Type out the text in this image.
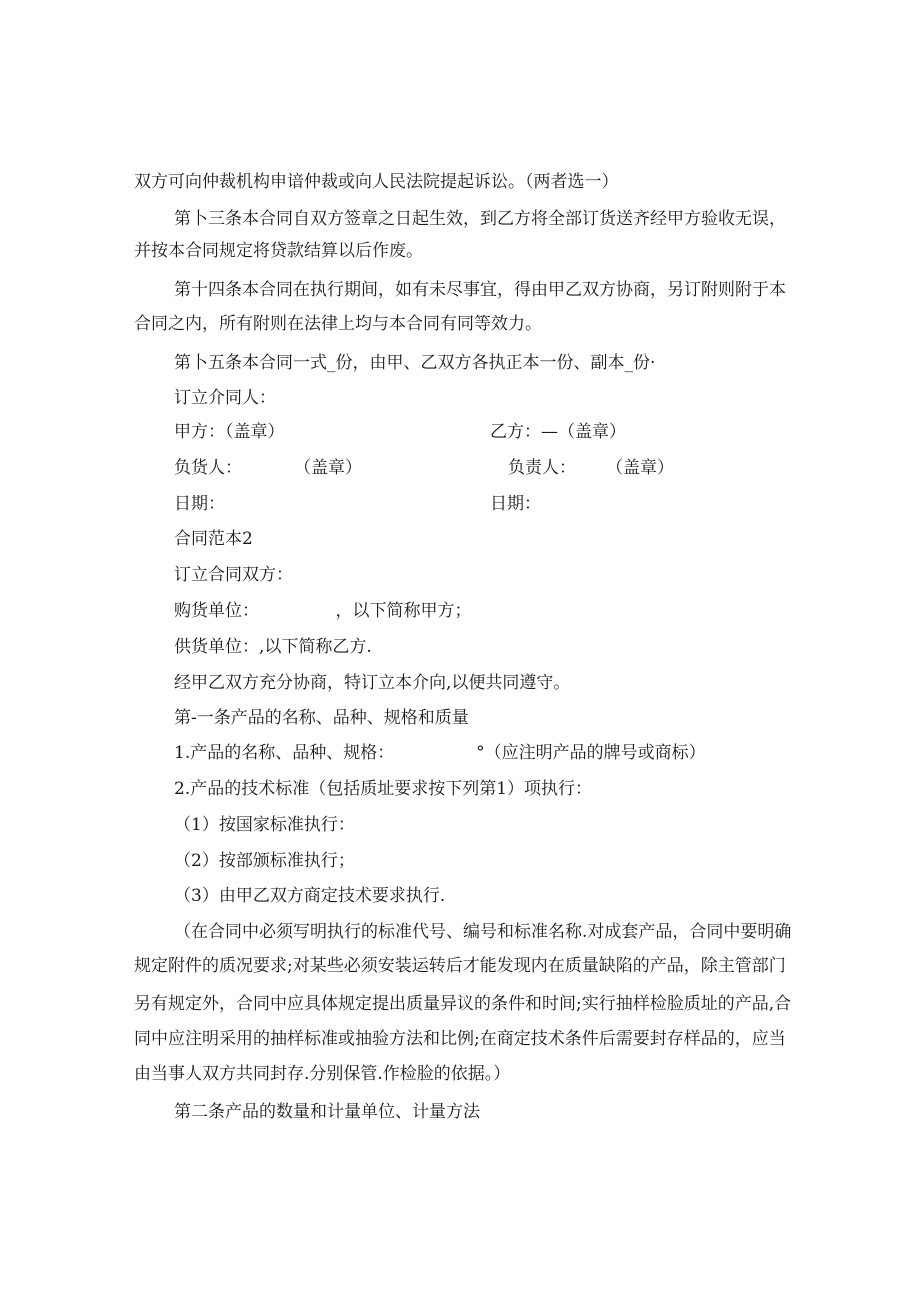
双方可向仲裁机构申谙仲裁或向人民法院提起诉讼。（两者选一）
第卜三条本合同自双方签章之日起生效，到乙方将全部订货送齐经甲方验收无误，
并按本合同规定将贷款结算以后作废。
第十四条本合同在执行期间，如有未尽事宜，得由甲乙双方协商，另订附则附于本
合同之内，所有附则在法律上均与本合同有同等效力。
第卜五条本合同一式_份，由甲、乙双方各执正本一份、副本_份·
订立介同人：
甲方：（盖章）	乙方：—（盖章）
负货人：	（盖章）	负责人： （盖章）
日期：	日期：
合同范本2
订立合同双方：
购货单位：　　　　　，以下简称甲方；
供货单位：,以下简称乙方.
经甲乙双方充分协商，特订立本介向,以便共同遵守。
第-一条产品的名称、品种、规格和质量
1.产品的名称、品种、规格：　　　　　 °（应注明产品的牌号或商标）
2.产品的技术标准（包括质址要求按下列第1）项执行：
（1）按国家标准执行：
（2）按部颁标准执行；
（3）由甲乙双方商定技术要求执行.
（在合同中必须写明执行的标准代号、编号和标准名称.对成套产品，合同中要明确
规定附件的质况要求;对某些必须安装运转后才能发现内在质量缺陷的产品，除主管部门
另有规定外，合同中应具体规定提出质量异议的条件和时间;实行抽样检脸质址的产品,合
同中应注明采用的抽样标准或抽验方法和比例;在商定技术条件后需要封存样品的，应当
由当事人双方共同封存.分别保管.作检脸的依据。）
第二条产品的数量和计量单位、计量方法
